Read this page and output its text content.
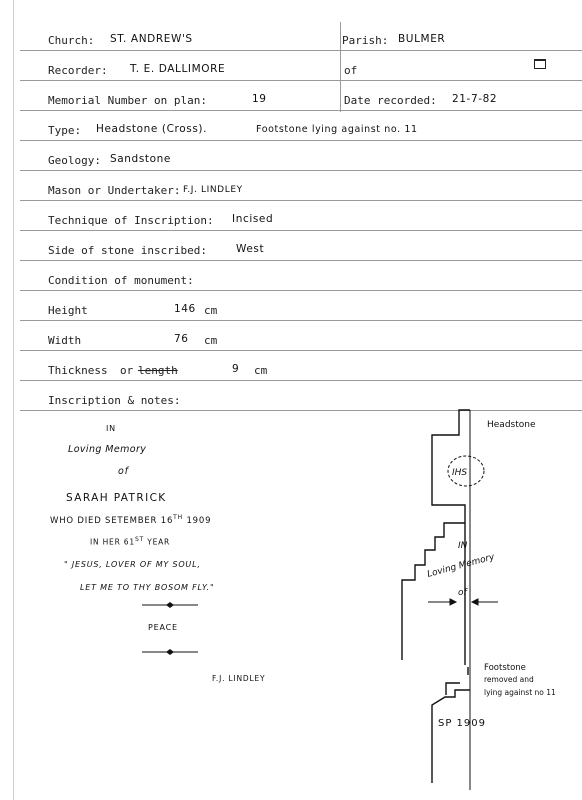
Church: ST. ANDREW'S	Parish: BULMER
Recorder: T. E. DALLIMORE	of
Memorial Number on plan:	19	Date recorded: 21-7-82
Type: Headstone (Cross).	Footstone lying against no. 11
Geology: Sandstone
Mason or Undertaker: F.J. LINDLEY
Technique of Inscription: Incised
Side of stone inscribed:	West
Condition of monument:
Height	146 cm
Width	76 cm
Thickness or length	9 cm
Inscription & notes:
IN
Loving Memory
of
SARAH PATRICK
WHO DIED SETEMBER 16TH 1909
IN HER 61ST YEAR
" JESUS, LOVER OF MY SOUL,
LET ME TO THY BOSOM FLY."
PEACE
F.J. LINDLEY
IHS
Headstone
IN
Loving Memory
of
Footstone
removed and
lying against no 11
SP 1909
